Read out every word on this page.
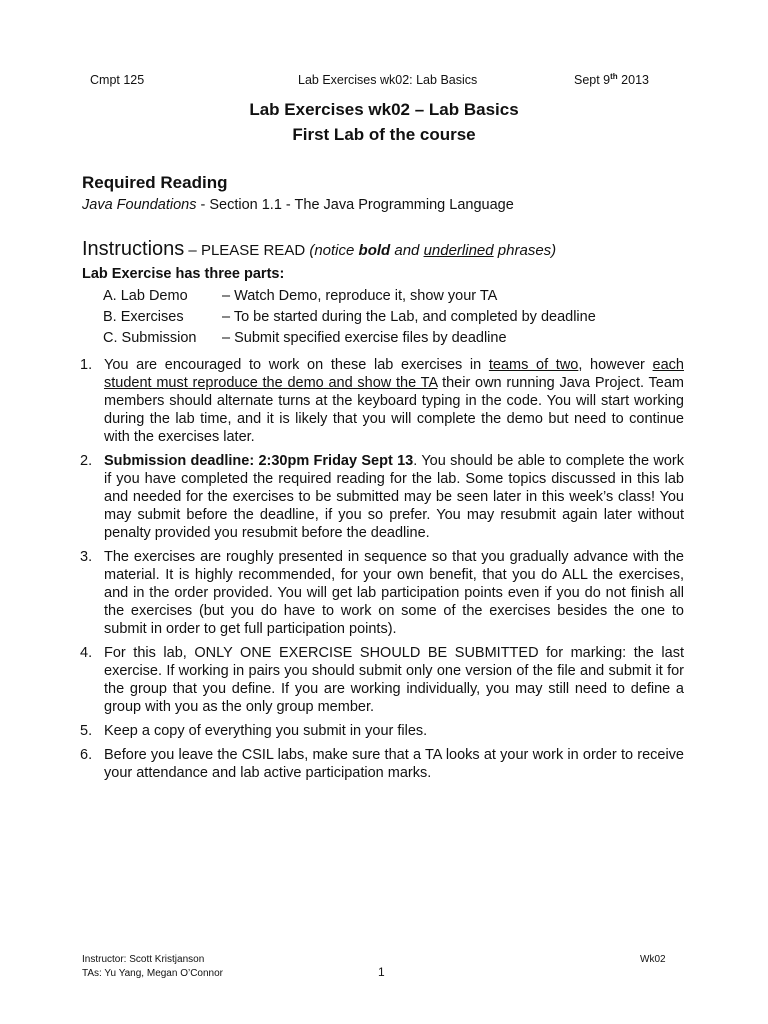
Cmpt 125	Lab Exercises wk02: Lab Basics	Sept 9th 2013
Lab Exercises wk02 – Lab Basics
First Lab of the course
Required Reading
Java Foundations - Section 1.1 - The Java Programming Language
Instructions – PLEASE READ (notice bold and underlined phrases)
Lab Exercise has three parts:
A. Lab Demo – Watch Demo, reproduce it, show your TA
B. Exercises	– To be started during the Lab, and completed by deadline
C. Submission – Submit specified exercise files by deadline
1. You are encouraged to work on these lab exercises in teams of two, however each student must reproduce the demo and show the TA their own running Java Project. Team members should alternate turns at the keyboard typing in the code. You will start working during the lab time, and it is likely that you will complete the demo but need to continue with the exercises later.
2. Submission deadline: 2:30pm Friday Sept 13. You should be able to complete the work if you have completed the required reading for the lab. Some topics discussed in this lab and needed for the exercises to be submitted may be seen later in this week’s class! You may submit before the deadline, if you so prefer. You may resubmit again later without penalty provided you resubmit before the deadline.
3. The exercises are roughly presented in sequence so that you gradually advance with the material. It is highly recommended, for your own benefit, that you do ALL the exercises, and in the order provided. You will get lab participation points even if you do not finish all the exercises (but you do have to work on some of the exercises besides the one to submit in order to get full participation points).
4. For this lab, ONLY ONE EXERCISE SHOULD BE SUBMITTED for marking: the last exercise. If working in pairs you should submit only one version of the file and submit it for the group that you define. If you are working individually, you may still need to define a group with you as the only group member.
5. Keep a copy of everything you submit in your files.
6. Before you leave the CSIL labs, make sure that a TA looks at your work in order to receive your attendance and lab active participation marks.
Instructor: Scott Kristjanson
TAs: Yu Yang, Megan O’Connor	1
Wk02
